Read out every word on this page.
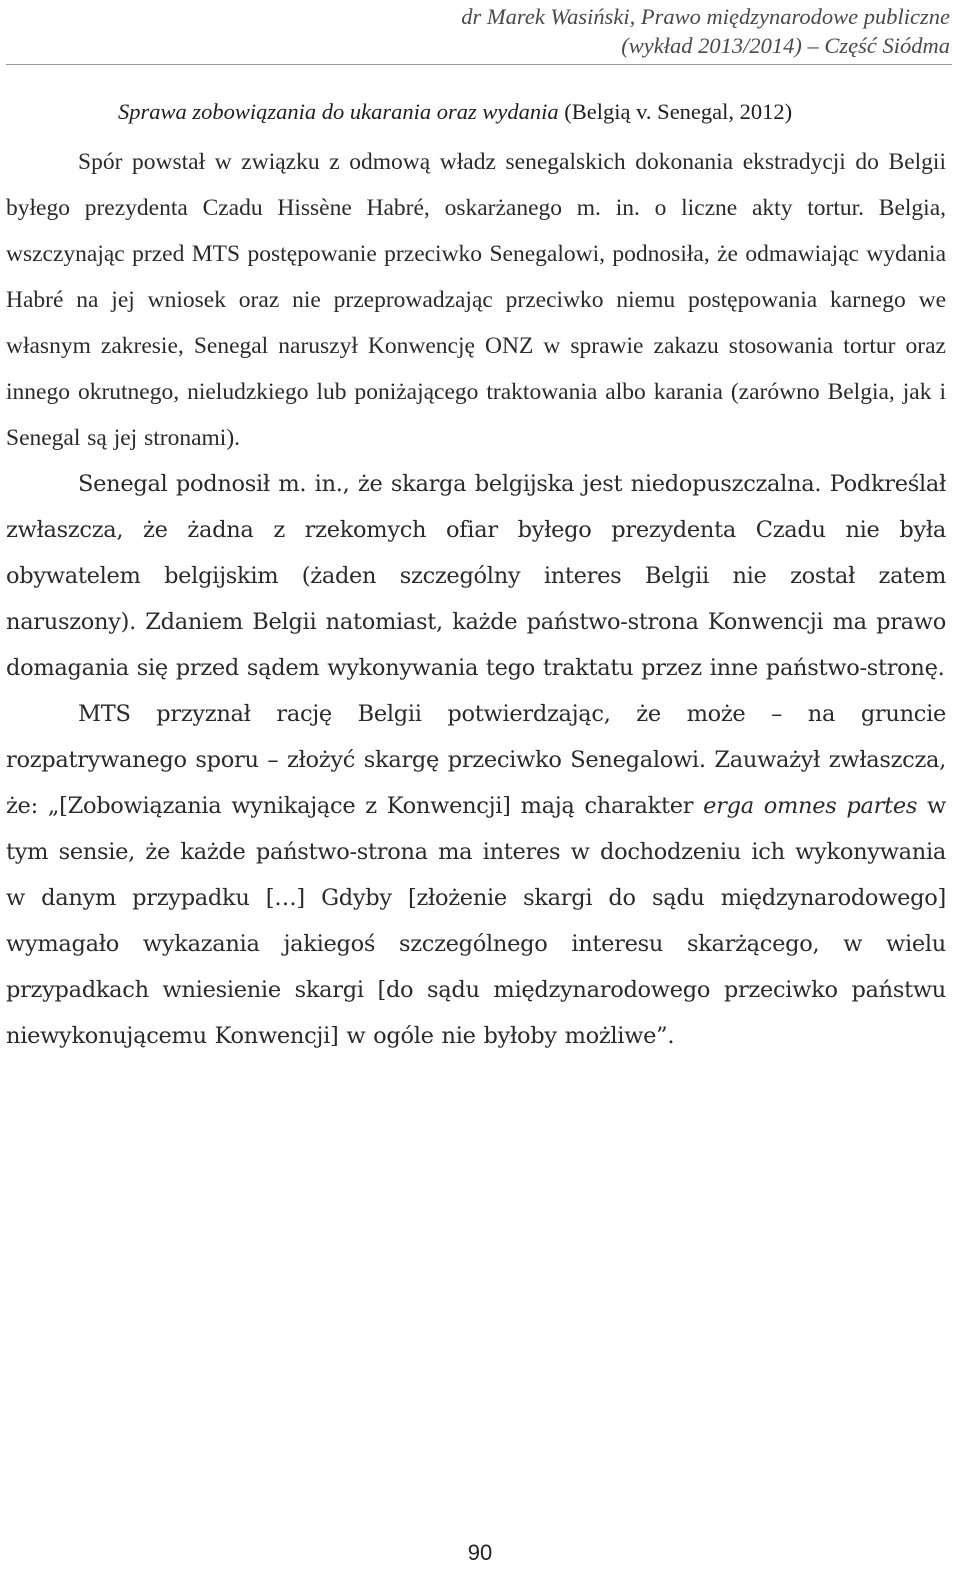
dr Marek Wasiński, Prawo międzynarodowe publiczne
(wykład 2013/2014) – Część Siódma
Sprawa zobowiązania do ukarania oraz wydania (Belgią v. Senegal, 2012)

Spór powstał w związku z odmową władz senegalskich dokonania ekstradycji do Belgii byłego prezydenta Czadu Hissène Habré, oskarżanego m. in. o liczne akty tortur. Belgia, wszczynając przed MTS postępowanie przeciwko Senegalowi, podnosiła, że odmawiając wydania Habré na jej wniosek oraz nie przeprowadzając przeciwko niemu postępowania karnego we własnym zakresie, Senegal naruszył Konwencję ONZ w sprawie zakazu stosowania tortur oraz innego okrutnego, nieludzkiego lub poniżającego traktowania albo karania (zarówno Belgia, jak i Senegal są jej stronami).

Senegal podnosił m. in., że skarga belgijska jest niedopuszczalna. Podkreślał zwłaszcza, że żadna z rzekomych ofiar byłego prezydenta Czadu nie była obywatelem belgijskim (żaden szczególny interes Belgii nie został zatem naruszony). Zdaniem Belgii natomiast, każde państwo-strona Konwencji ma prawo domagania się przed sądem wykonywania tego traktatu przez inne państwo-stronę.

MTS przyznał rację Belgii potwierdzając, że może – na gruncie rozpatrywanego sporu – złożyć skargę przeciwko Senegalowi. Zauważył zwłaszcza, że: „[Zobowiązania wynikające z Konwencji] mają charakter erga omnes partes w tym sensie, że każde państwo-strona ma interes w dochodzeniu ich wykonywania w danym przypadku […] Gdyby [złożenie skargi do sądu międzynarodowego] wymagało wykazania jakiegoś szczególnego interesu skarżącego, w wielu przypadkach wniesienie skargi [do sądu międzynarodowego przeciwko państwu niewykonującemu Konwencji] w ogóle nie byłoby możliwe”.

90
